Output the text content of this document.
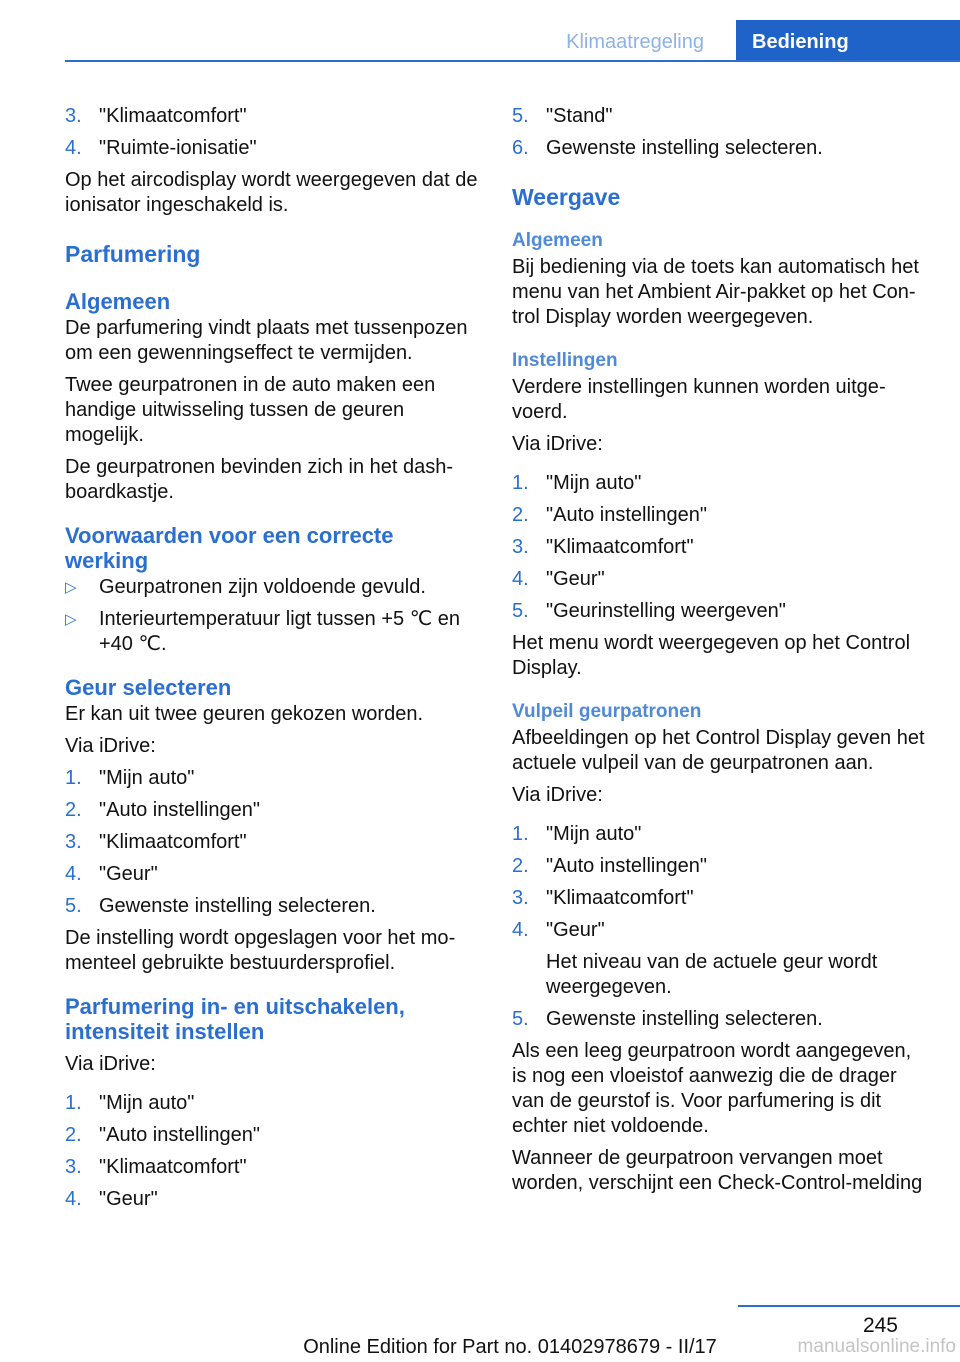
Klimaatregeling	Bediening
3. "Klimaatcomfort"
4. "Ruimte-ionisatie"

Op het aircodisplay wordt weergegeven dat de ionisator ingeschakeld is.

Parfumering
Algemeen

De parfumering vindt plaats met tussenpozen om een gewenningseffect te vermijden.

Twee geurpatronen in de auto maken een handige uitwisseling tussen de geuren mogelijk.

De geurpatronen bevinden zich in het dashboardkastje.

Voorwaarden voor een correcte werking
▷ Geurpatronen zijn voldoende gevuld.
▷ Interieurtemperatuur ligt tussen +5 ℃ en +40 ℃.
Geur selecteren

Er kan uit twee geuren gekozen worden.

Via iDrive:

1. "Mijn auto"
2. "Auto instellingen"
3. "Klimaatcomfort"
4. "Geur"
5. Gewenste instelling selecteren.

De instelling wordt opgeslagen voor het momenteel gebruikte bestuurdersprofiel.

Parfumering in- en uitschakelen, intensiteit instellen

Via iDrive:

1. "Mijn auto"
2. "Auto instellingen"
3. "Klimaatcomfort"
4. "Geur"
5. "Stand"
6. Gewenste instelling selecteren.
Weergave
Algemeen

Bij bediening via de toets kan automatisch het menu van het Ambient Air-pakket op het Control Display worden weergegeven.

Instellingen

Verdere instellingen kunnen worden uitgevoerd.

Via iDrive:

1. "Mijn auto"
2. "Auto instellingen"
3. "Klimaatcomfort"
4. "Geur"
5. "Geurinstelling weergeven"

Het menu wordt weergegeven op het Control Display.

Vulpeil geurpatronen

Afbeeldingen op het Control Display geven het actuele vulpeil van de geurpatronen aan.

Via iDrive:

1. "Mijn auto"
2. "Auto instellingen"
3. "Klimaatcomfort"
4. "Geur"
Het niveau van de actuele geur wordt weergegeven.
5. Gewenste instelling selecteren.

Als een leeg geurpatroon wordt aangegeven, is nog een vloeistof aanwezig die de drager van de geurstof is. Voor parfumering is dit echter niet voldoende.

Wanneer de geurpatroon vervangen moet worden, verschijnt een Check-Control-melding

245
Online Edition for Part no. 01402978679 - II/17	manualsonline.info
